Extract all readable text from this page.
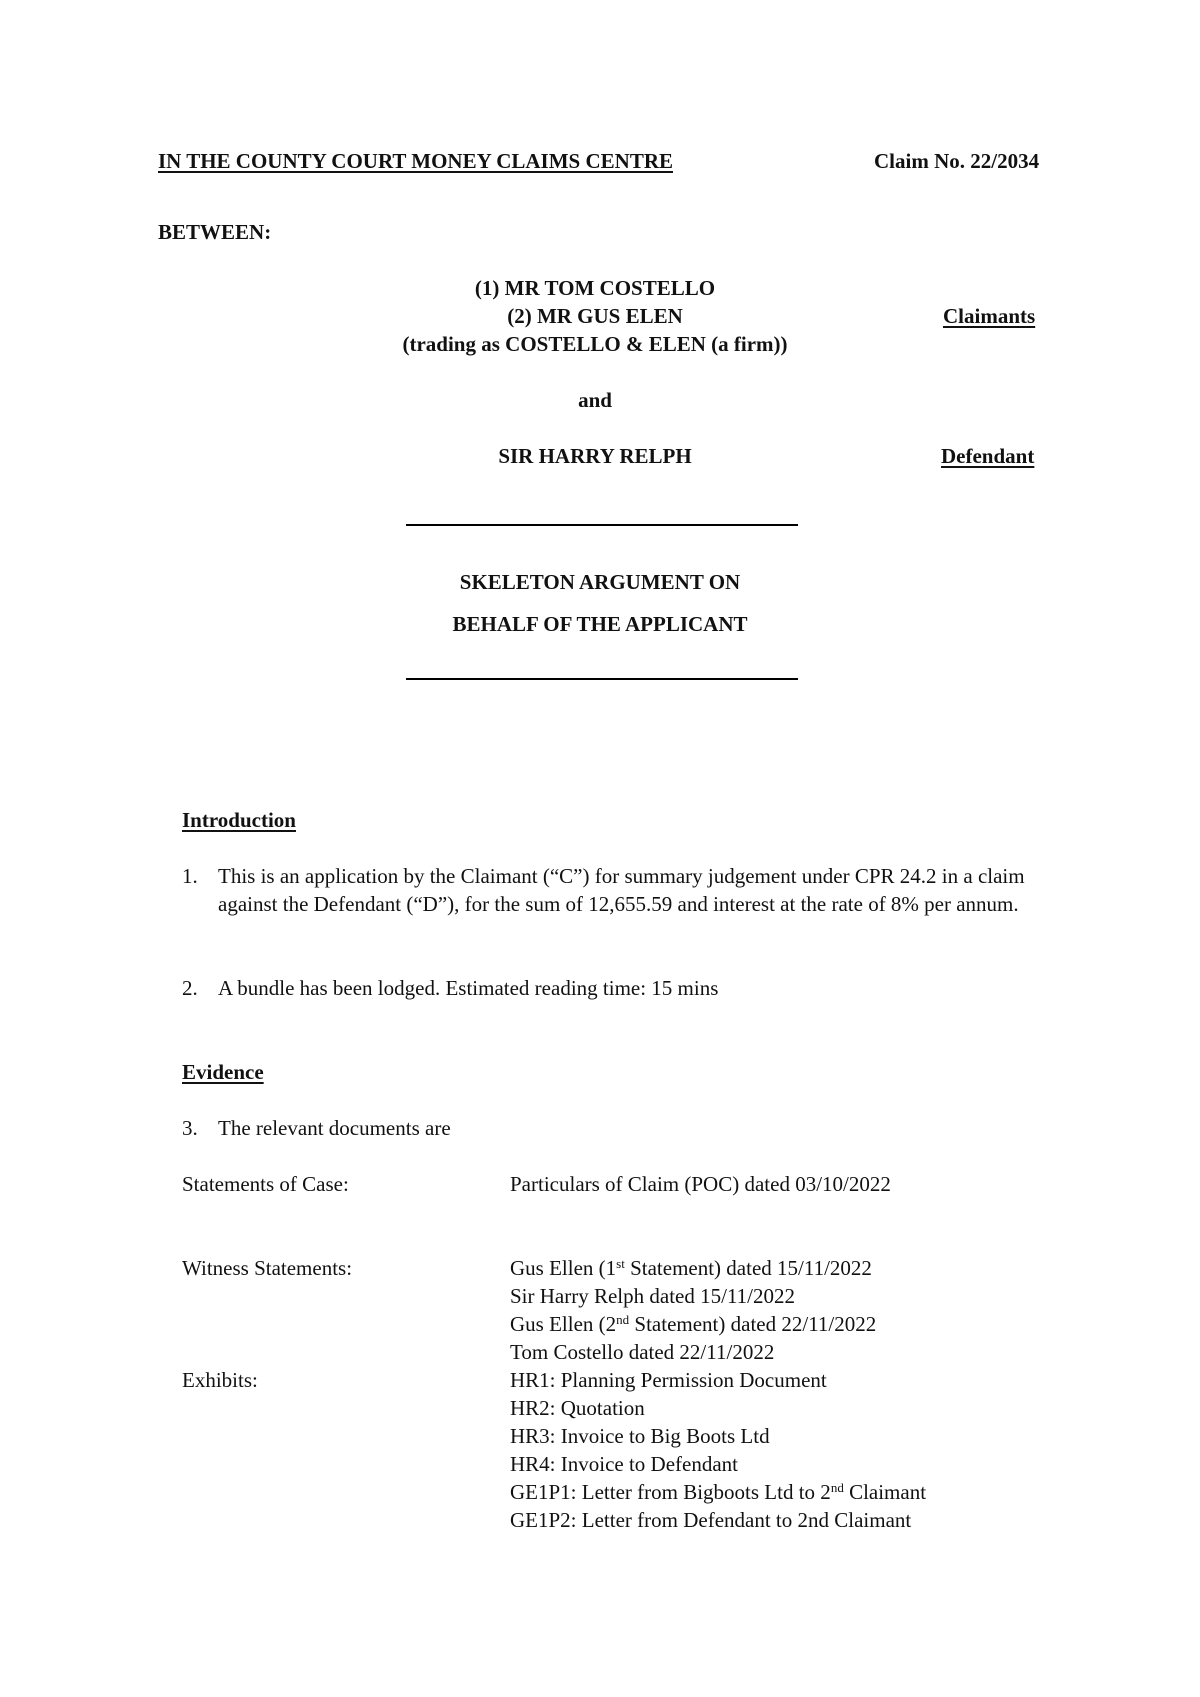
IN THE COUNTY COURT MONEY CLAIMS CENTRE	Claim No. 22/2034
BETWEEN:
(1) MR TOM COSTELLO
(2) MR GUS ELEN
(trading as COSTELLO & ELEN (a firm))
Claimants
and
SIR HARRY RELPH	Defendant
SKELETON ARGUMENT ON
BEHALF OF THE APPLICANT
Introduction
1. This is an application by the Claimant (“C”) for summary judgement under CPR 24.2 in a claim against the Defendant (“D”), for the sum of 12,655.59 and interest at the rate of 8% per annum.
2. A bundle has been lodged. Estimated reading time: 15 mins
Evidence
3. The relevant documents are
Statements of Case:	Particulars of Claim (POC) dated 03/10/2022
Witness Statements:	Gus Ellen (1st Statement) dated 15/11/2022
Sir Harry Relph dated 15/11/2022
Gus Ellen (2nd Statement) dated 22/11/2022
Tom Costello dated 22/11/2022
Exhibits:	HR1: Planning Permission Document
HR2: Quotation
HR3: Invoice to Big Boots Ltd
HR4: Invoice to Defendant
GE1P1: Letter from Bigboots Ltd to 2nd Claimant
GE1P2: Letter from Defendant to 2nd Claimant
